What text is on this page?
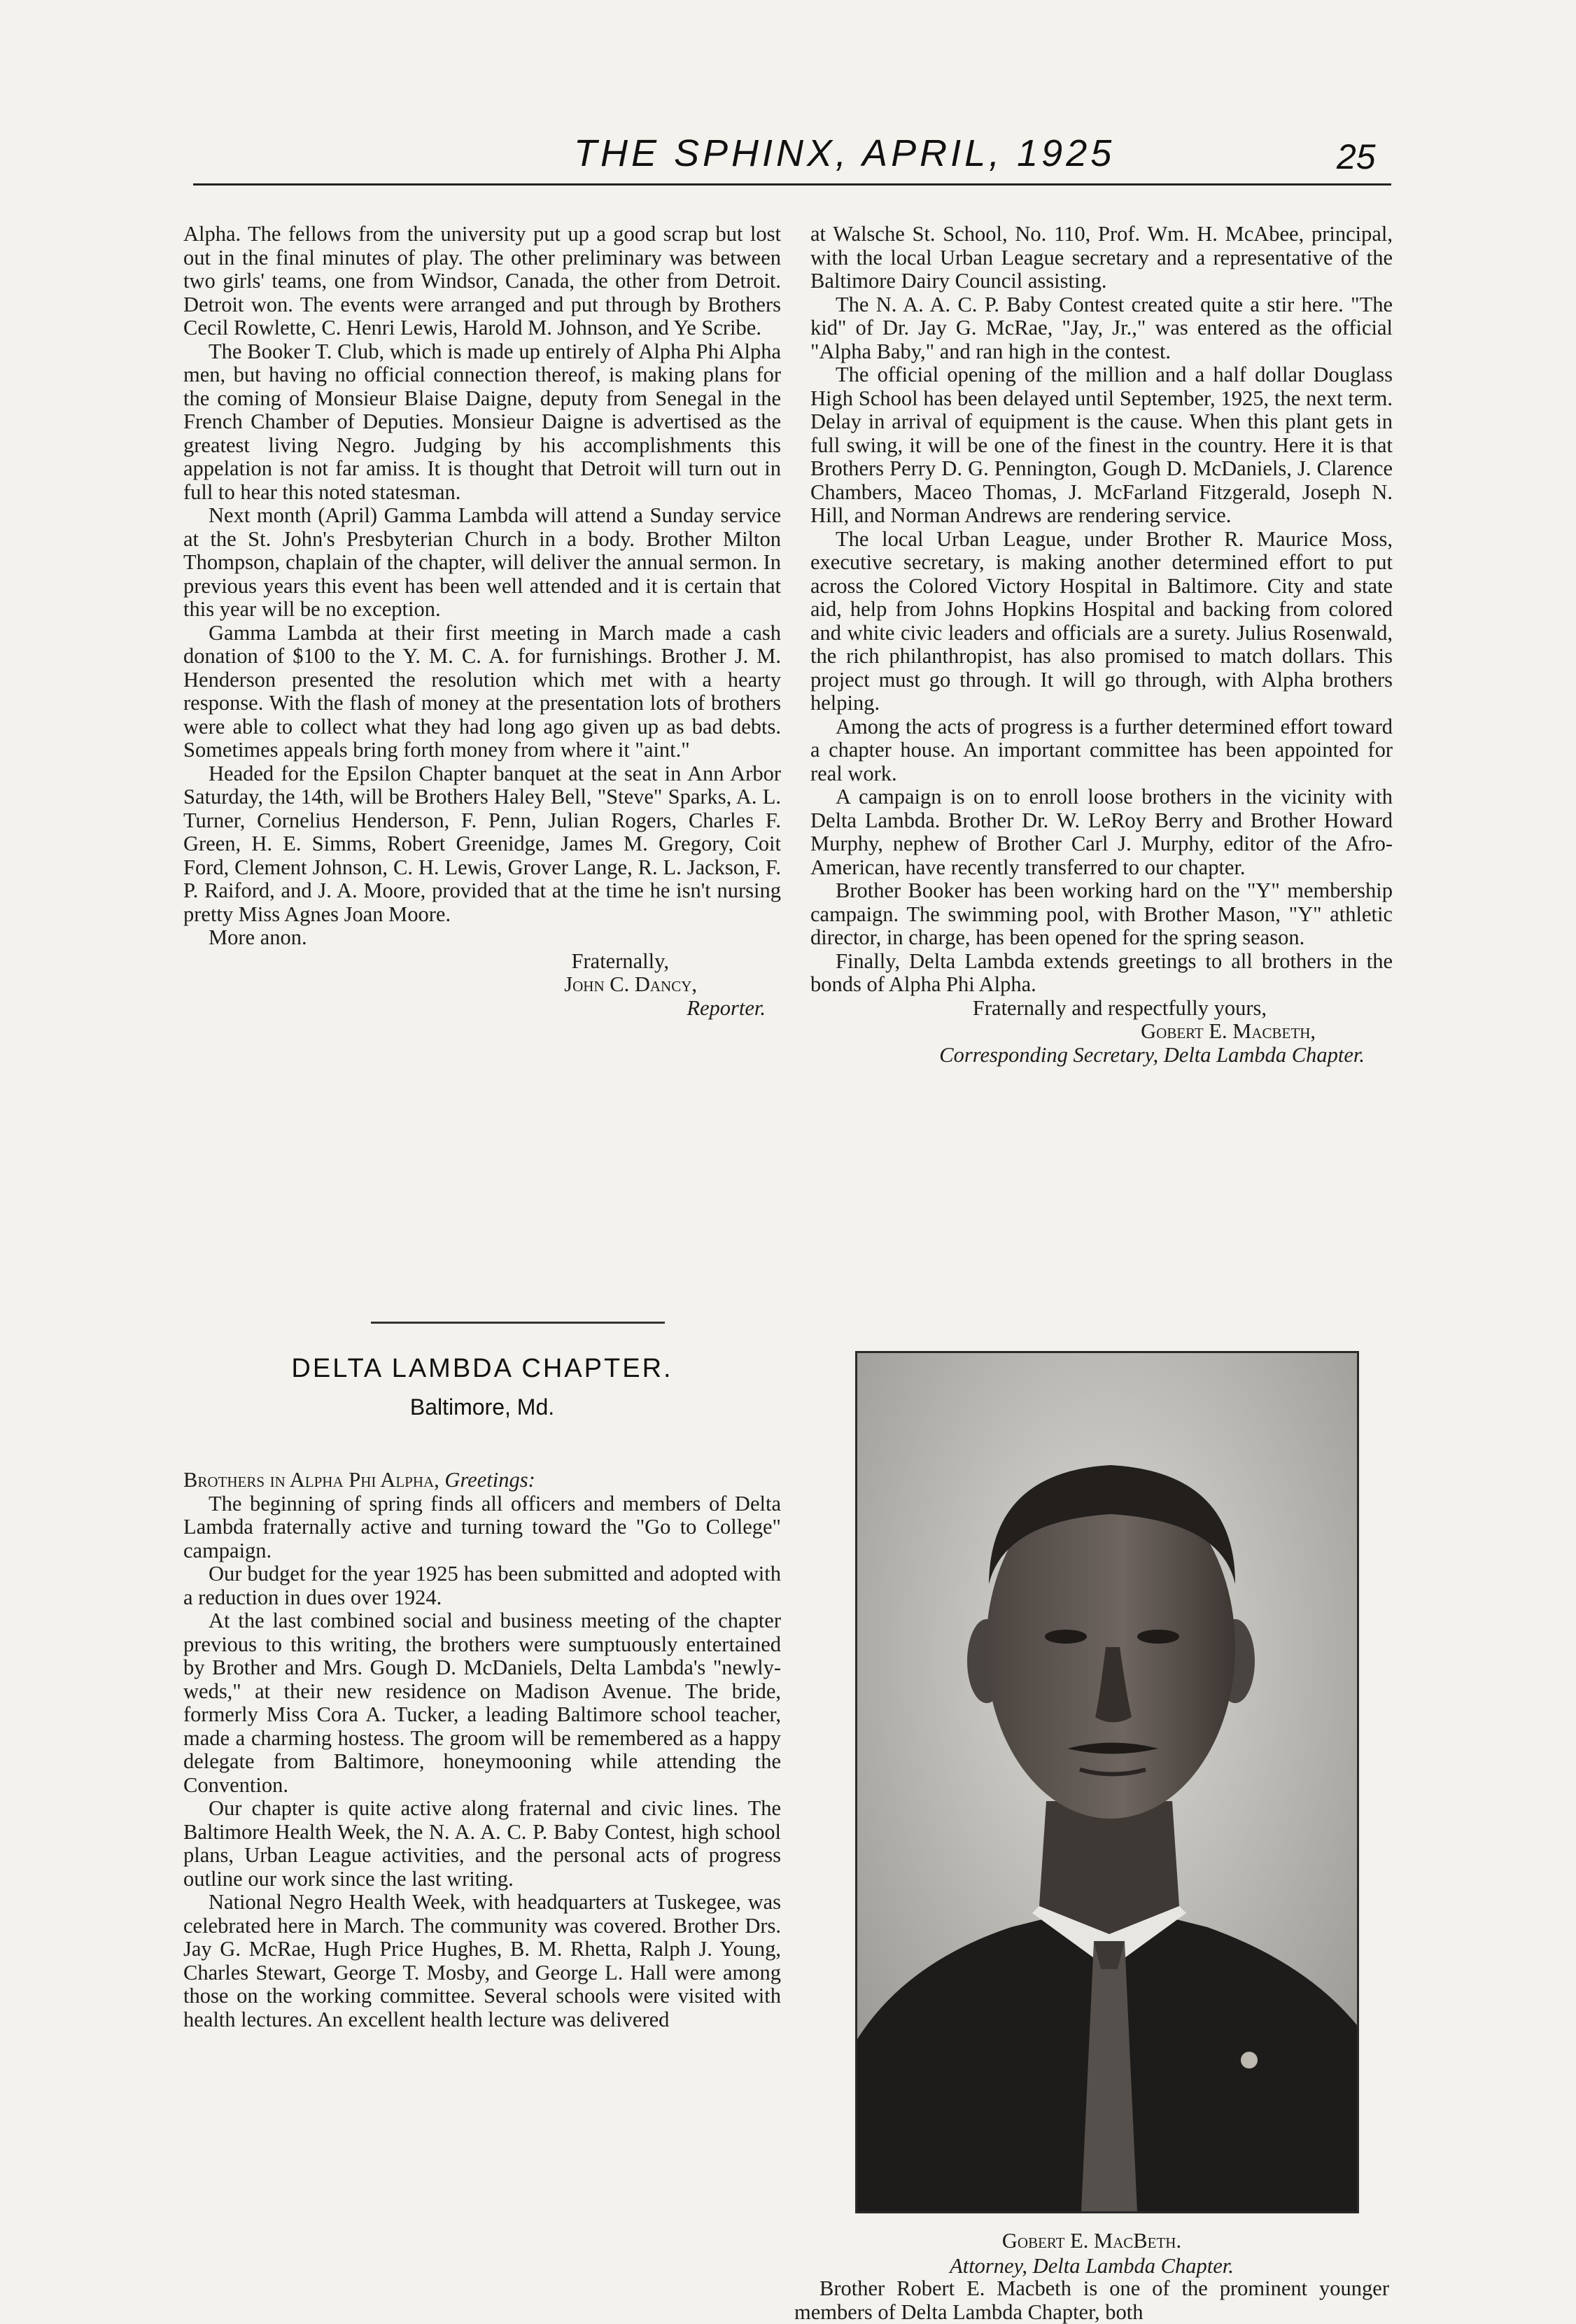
THE SPHINX, APRIL, 1925	25

Alpha. The fellows from the university put up a good scrap but lost out in the final minutes of play. The other preliminary was between two girls' teams, one from Windsor, Canada, the other from Detroit. Detroit won. The events were arranged and put through by Brothers Cecil Rowlette, C. Henri Lewis, Harold M. Johnson, and Ye Scribe.

The Booker T. Club, which is made up entirely of Alpha Phi Alpha men, but having no official connection thereof, is making plans for the coming of Monsieur Blaise Daigne, deputy from Senegal in the French Chamber of Deputies. Monsieur Daigne is advertised as the greatest living Negro. Judging by his accomplishments this appelation is not far amiss. It is thought that Detroit will turn out in full to hear this noted statesman.

Next month (April) Gamma Lambda will attend a Sunday service at the St. John's Presbyterian Church in a body. Brother Milton Thompson, chaplain of the chapter, will deliver the annual sermon. In previous years this event has been well attended and it is certain that this year will be no exception.

Gamma Lambda at their first meeting in March made a cash donation of $100 to the Y. M. C. A. for furnishings. Brother J. M. Henderson presented the resolution which met with a hearty response. With the flash of money at the presentation lots of brothers were able to collect what they had long ago given up as bad debts. Sometimes appeals bring forth money from where it "aint."

Headed for the Epsilon Chapter banquet at the seat in Ann Arbor Saturday, the 14th, will be Brothers Haley Bell, "Steve" Sparks, A. L. Turner, Cornelius Henderson, F. Penn, Julian Rogers, Charles F. Green, H. E. Simms, Robert Greenidge, James M. Gregory, Coit Ford, Clement Johnson, C. H. Lewis, Grover Lange, R. L. Jackson, F. P. Raiford, and J. A. Moore, provided that at the time he isn't nursing pretty Miss Agnes Joan Moore.

More anon.

Fraternally,
John C. Dancy,
Reporter.

at Walsche St. School, No. 110, Prof. Wm. H. McAbee, principal, with the local Urban League secretary and a representative of the Baltimore Dairy Council assisting.

The N. A. A. C. P. Baby Contest created quite a stir here. "The kid" of Dr. Jay G. McRae, "Jay, Jr.," was entered as the official "Alpha Baby," and ran high in the contest.

The official opening of the million and a half dollar Douglass High School has been delayed until September, 1925, the next term. Delay in arrival of equipment is the cause. When this plant gets in full swing, it will be one of the finest in the country. Here it is that Brothers Perry D. G. Pennington, Gough D. McDaniels, J. Clarence Chambers, Maceo Thomas, J. McFarland Fitzgerald, Joseph N. Hill, and Norman Andrews are rendering service.

The local Urban League, under Brother R. Maurice Moss, executive secretary, is making another determined effort to put across the Colored Victory Hospital in Baltimore. City and state aid, help from Johns Hopkins Hospital and backing from colored and white civic leaders and officials are a surety. Julius Rosenwald, the rich philanthropist, has also promised to match dollars. This project must go through. It will go through, with Alpha brothers helping.

Among the acts of progress is a further determined effort toward a chapter house. An important committee has been appointed for real work.

A campaign is on to enroll loose brothers in the vicinity with Delta Lambda. Brother Dr. W. LeRoy Berry and Brother Howard Murphy, nephew of Brother Carl J. Murphy, editor of the Afro-American, have recently transferred to our chapter.

Brother Booker has been working hard on the "Y" membership campaign. The swimming pool, with Brother Mason, "Y" athletic director, in charge, has been opened for the spring season.

Finally, Delta Lambda extends greetings to all brothers in the bonds of Alpha Phi Alpha.

Fraternally and respectfully yours,
Gobert E. Macbeth,
Corresponding Secretary, Delta Lambda Chapter.
DELTA LAMBDA CHAPTER.
Baltimore, Md.

Brothers in Alpha Phi Alpha, Greetings:

The beginning of spring finds all officers and members of Delta Lambda fraternally active and turning toward the "Go to College" campaign.

Our budget for the year 1925 has been submitted and adopted with a reduction in dues over 1924.

At the last combined social and business meeting of the chapter previous to this writing, the brothers were sumptuously entertained by Brother and Mrs. Gough D. McDaniels, Delta Lambda's "newly-weds," at their new residence on Madison Avenue. The bride, formerly Miss Cora A. Tucker, a leading Baltimore school teacher, made a charming hostess. The groom will be remembered as a happy delegate from Baltimore, honeymooning while attending the Convention.

Our chapter is quite active along fraternal and civic lines. The Baltimore Health Week, the N. A. A. C. P. Baby Contest, high school plans, Urban League activities, and the personal acts of progress outline our work since the last writing.

National Negro Health Week, with headquarters at Tuskegee, was celebrated here in March. The community was covered. Brother Drs. Jay G. McRae, Hugh Price Hughes, B. M. Rhetta, Ralph J. Young, Charles Stewart, George T. Mosby, and George L. Hall were among those on the working committee. Several schools were visited with health lectures. An excellent health lecture was delivered

Gobert E. MacBeth.
Attorney, Delta Lambda Chapter.
Brother Robert E. Macbeth is one of the prominent younger members of Delta Lambda Chapter, both
